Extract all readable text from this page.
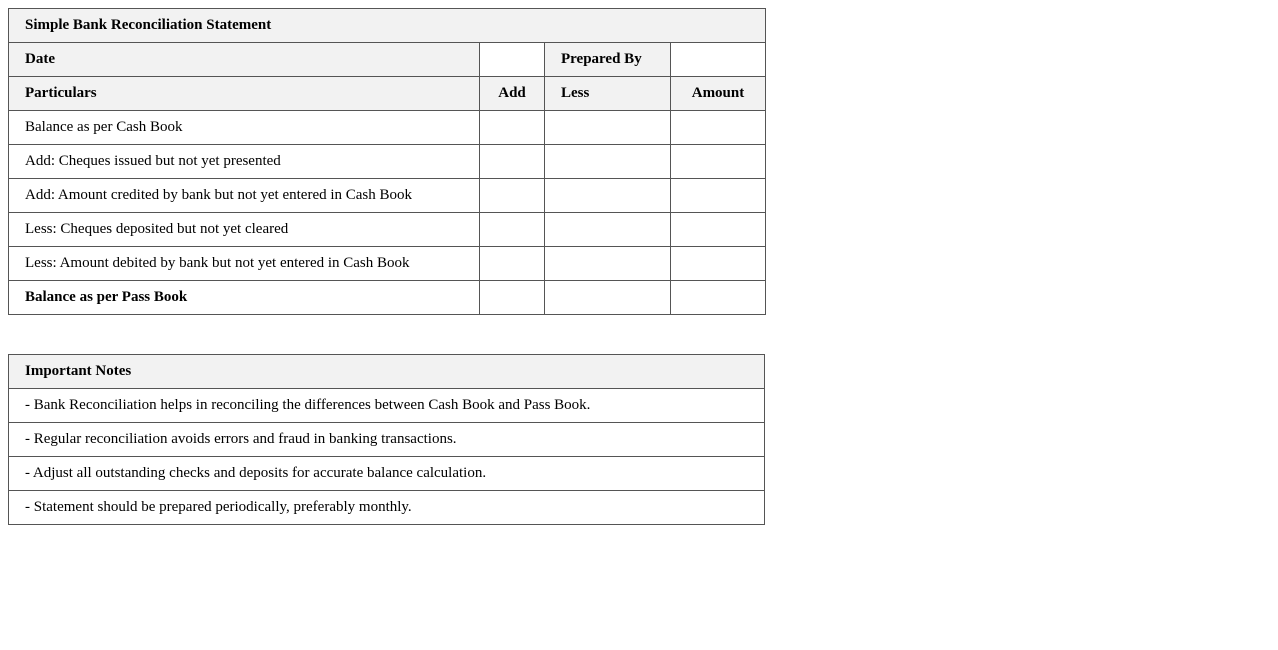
Simple Bank Reconciliation Statement			
Date		Prepared By	
Particulars	Add	Less	Amount
Balance as per Cash Book			
Add: Cheques issued but not yet presented			
Add: Amount credited by bank but not yet entered in Cash Book			
Less: Cheques deposited but not yet cleared			
Less: Amount debited by bank but not yet entered in Cash Book			
Balance as per Pass Book			
Important Notes
- Bank Reconciliation helps in reconciling the differences between Cash Book and Pass Book.
- Regular reconciliation avoids errors and fraud in banking transactions.
- Adjust all outstanding checks and deposits for accurate balance calculation.
- Statement should be prepared periodically, preferably monthly.
